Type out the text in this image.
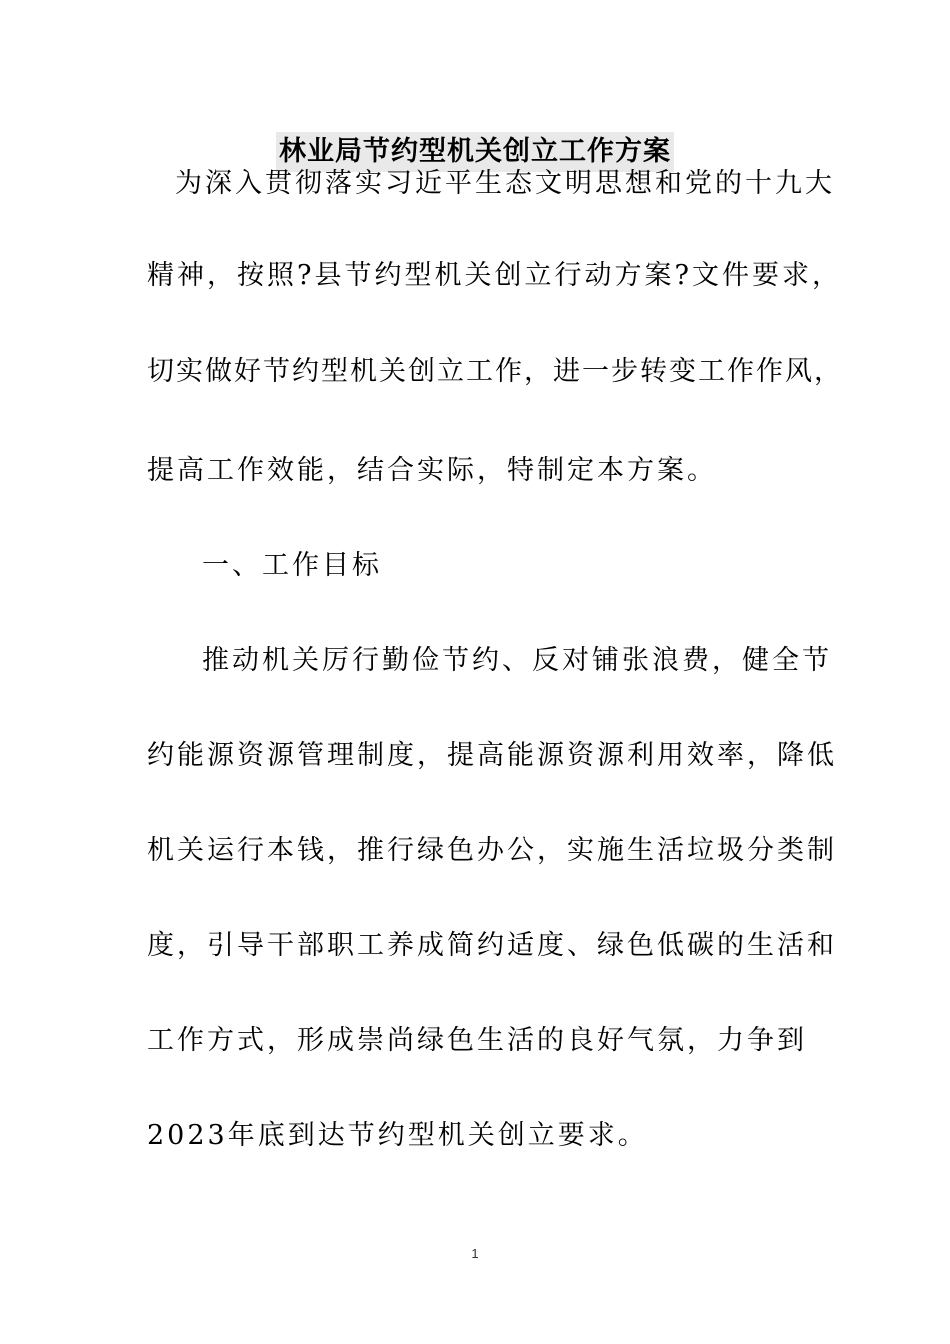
林业局节约型机关创立工作方案

为深入贯彻落实习近平生态文明思想和党的十九大

精神，按照?县节约型机关创立行动方案?文件要求，

切实做好节约型机关创立工作，进一步转变工作作风，

提高工作效能，结合实际，特制定本方案。

一、工作目标

推动机关厉行勤俭节约、反对铺张浪费，健全节

约能源资源管理制度，提高能源资源利用效率，降低

机关运行本钱，推行绿色办公，实施生活垃圾分类制

度，引导干部职工养成简约适度、绿色低碳的生活和

工作方式，形成崇尚绿色生活的良好气氛，力争到

2023年底到达节约型机关创立要求。

1
